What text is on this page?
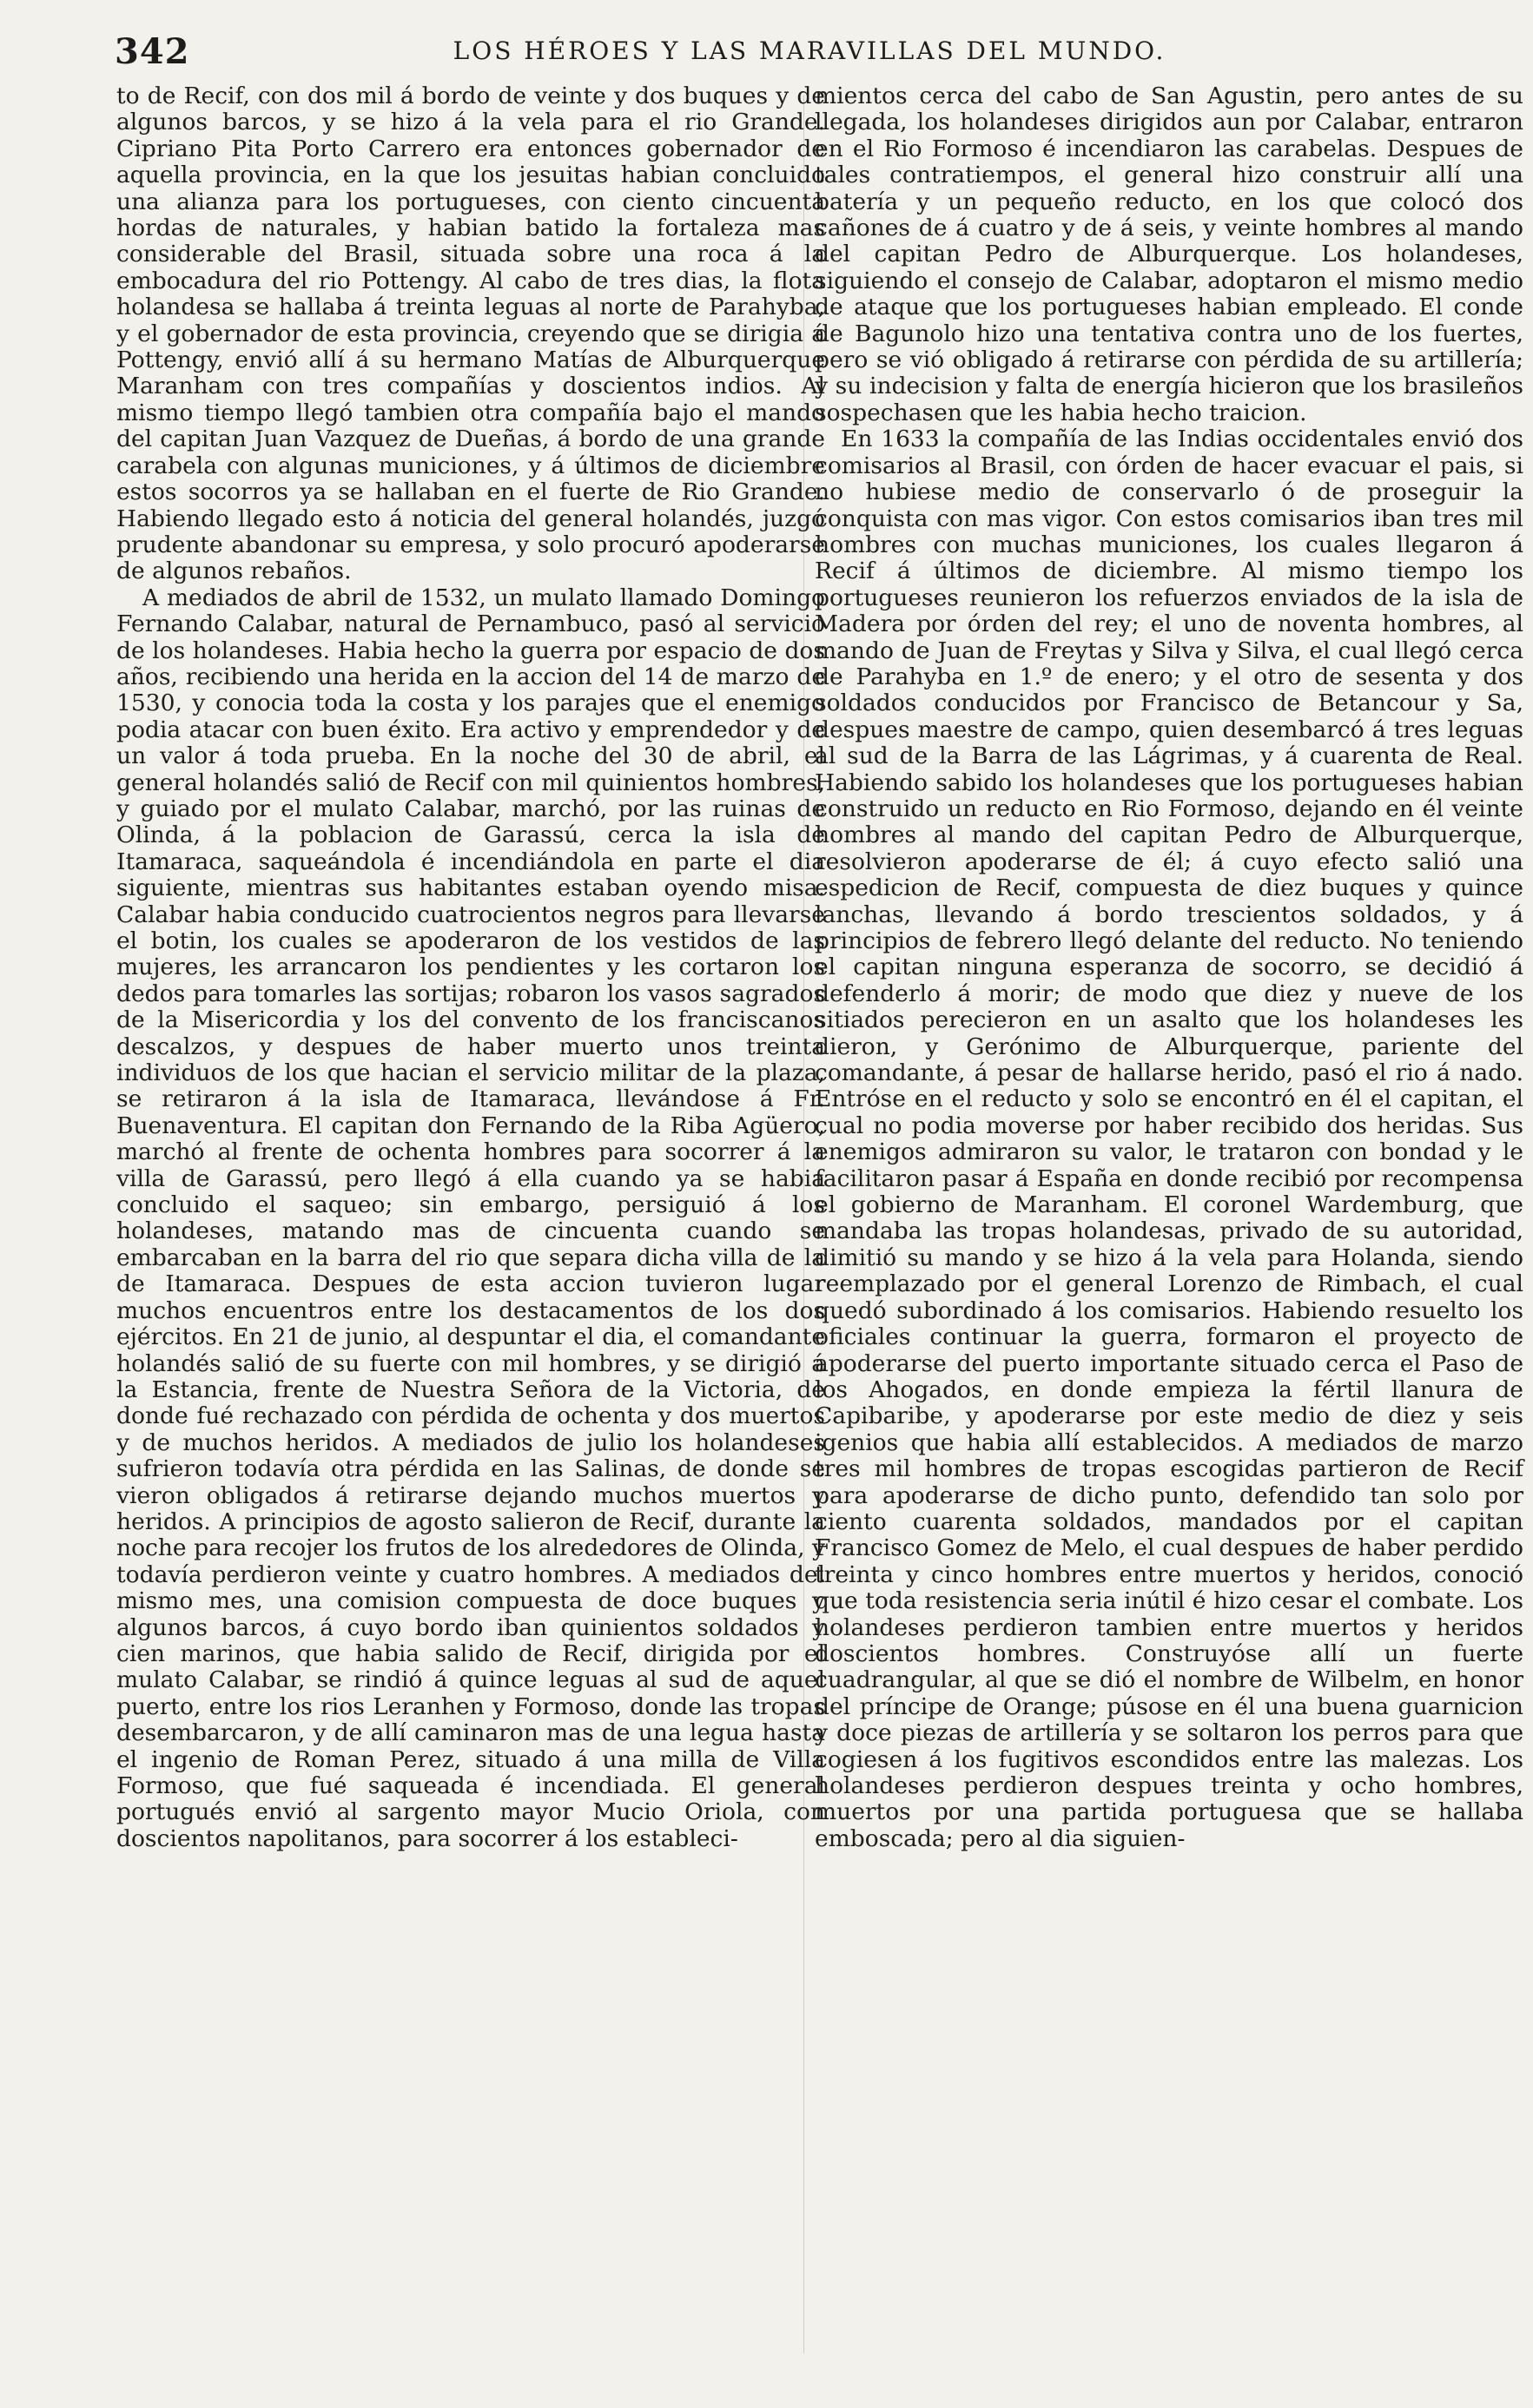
342	LOS HÉROES Y LAS MARAVILLAS DEL MUNDO.

to de Recif, con dos mil á bordo de veinte y dos buques y de algunos barcos, y se hizo á la vela para el rio Grande. Cipriano Pita Porto Carrero era entonces gobernador de aquella provincia, en la que los jesuitas habian concluido una alianza para los portugueses, con ciento cincuenta hordas de naturales, y habian batido la fortaleza mas considerable del Brasil, situada sobre una roca á la embocadura del rio Pottengy. Al cabo de tres dias, la flota holandesa se hallaba á treinta leguas al norte de Parahyba, y el gobernador de esta provincia, creyendo que se dirigia á Pottengy, envió allí á su hermano Matías de Alburquerque Maranham con tres compañías y doscientos indios. Al mismo tiempo llegó tambien otra compañía bajo el mando del capitan Juan Vazquez de Dueñas, á bordo de una grande carabela con algunas municiones, y á últimos de diciembre estos socorros ya se hallaban en el fuerte de Rio Grande. Habiendo llegado esto á noticia del general holandés, juzgó prudente abandonar su empresa, y solo procuró apoderarse de algunos rebaños.

A mediados de abril de 1532, un mulato llamado Domingo Fernando Calabar, natural de Pernambuco, pasó al servicio de los holandeses. Habia hecho la guerra por espacio de dos años, recibiendo una herida en la accion del 14 de marzo de 1530, y conocia toda la costa y los parajes que el enemigo podia atacar con buen éxito. Era activo y emprendedor y de un valor á toda prueba. En la noche del 30 de abril, el general holandés salió de Recif con mil quinientos hombres, y guiado por el mulato Calabar, marchó, por las ruinas de Olinda, á la poblacion de Garassú, cerca la isla de Itamaraca, saqueándola é incendiándola en parte el dia siguiente, mientras sus habitantes estaban oyendo misa. Calabar habia conducido cuatrocientos negros para llevarse el botin, los cuales se apoderaron de los vestidos de las mujeres, les arrancaron los pendientes y les cortaron los dedos para tomarles las sortijas; robaron los vasos sagrados de la Misericordia y los del convento de los franciscanos descalzos, y despues de haber muerto unos treinta individuos de los que hacian el servicio militar de la plaza, se retiraron á la isla de Itamaraca, llevándose á Fr. Buenaventura. El capitan don Fernando de la Riba Agüero, marchó al frente de ochenta hombres para socorrer á la villa de Garassú, pero llegó á ella cuando ya se habia concluido el saqueo; sin embargo, persiguió á los holandeses, matando mas de cincuenta cuando se embarcaban en la barra del rio que separa dicha villa de la de Itamaraca. Despues de esta accion tuvieron lugar muchos encuentros entre los destacamentos de los dos ejércitos. En 21 de junio, al despuntar el dia, el comandante holandés salió de su fuerte con mil hombres, y se dirigió á la Estancia, frente de Nuestra Señora de la Victoria, de donde fué rechazado con pérdida de ochenta y dos muertos y de muchos heridos. A mediados de julio los holandeses sufrieron todavía otra pérdida en las Salinas, de donde se vieron obligados á retirarse dejando muchos muertos y heridos. A principios de agosto salieron de Recif, durante la noche para recojer los frutos de los alrededores de Olinda, y todavía perdieron veinte y cuatro hombres. A mediados del mismo mes, una comision compuesta de doce buques y algunos barcos, á cuyo bordo iban quinientos soldados y cien marinos, que habia salido de Recif, dirigida por el mulato Calabar, se rindió á quince leguas al sud de aquel puerto, entre los rios Leranhen y Formoso, donde las tropas desembarcaron, y de allí caminaron mas de una legua hasta el ingenio de Roman Perez, situado á una milla de Villa Formoso, que fué saqueada é incendiada. El general portugués envió al sargento mayor Mucio Oriola, con doscientos napolitanos, para socorrer á los estableci-

mientos cerca del cabo de San Agustin, pero antes de su llegada, los holandeses dirigidos aun por Calabar, entraron en el Rio Formoso é incendiaron las carabelas. Despues de tales contratiempos, el general hizo construir allí una batería y un pequeño reducto, en los que colocó dos cañones de á cuatro y de á seis, y veinte hombres al mando del capitan Pedro de Alburquerque. Los holandeses, siguiendo el consejo de Calabar, adoptaron el mismo medio de ataque que los portugueses habian empleado. El conde de Bagunolo hizo una tentativa contra uno de los fuertes, pero se vió obligado á retirarse con pérdida de su artillería; y su indecision y falta de energía hicieron que los brasileños sospechasen que les habia hecho traicion.

En 1633 la compañía de las Indias occidentales envió dos comisarios al Brasil, con órden de hacer evacuar el pais, si no hubiese medio de conservarlo ó de proseguir la conquista con mas vigor. Con estos comisarios iban tres mil hombres con muchas municiones, los cuales llegaron á Recif á últimos de diciembre. Al mismo tiempo los portugueses reunieron los refuerzos enviados de la isla de Madera por órden del rey; el uno de noventa hombres, al mando de Juan de Freytas y Silva y Silva, el cual llegó cerca de Parahyba en 1.º de enero; y el otro de sesenta y dos soldados conducidos por Francisco de Betancour y Sa, despues maestre de campo, quien desembarcó á tres leguas al sud de la Barra de las Lágrimas, y á cuarenta de Real. Habiendo sabido los holandeses que los portugueses habian construido un reducto en Rio Formoso, dejando en él veinte hombres al mando del capitan Pedro de Alburquerque, resolvieron apoderarse de él; á cuyo efecto salió una espedicion de Recif, compuesta de diez buques y quince lanchas, llevando á bordo trescientos soldados, y á principios de febrero llegó delante del reducto. No teniendo el capitan ninguna esperanza de socorro, se decidió á defenderlo á morir; de modo que diez y nueve de los sitiados perecieron en un asalto que los holandeses les dieron, y Gerónimo de Alburquerque, pariente del comandante, á pesar de hallarse herido, pasó el rio á nado. Entróse en el reducto y solo se encontró en él el capitan, el cual no podia moverse por haber recibido dos heridas. Sus enemigos admiraron su valor, le trataron con bondad y le facilitaron pasar á España en donde recibió por recompensa el gobierno de Maranham. El coronel Wardemburg, que mandaba las tropas holandesas, privado de su autoridad, dimitió su mando y se hizo á la vela para Holanda, siendo reemplazado por el general Lorenzo de Rimbach, el cual quedó subordinado á los comisarios. Habiendo resuelto los oficiales continuar la guerra, formaron el proyecto de apoderarse del puerto importante situado cerca el Paso de los Ahogados, en donde empieza la fértil llanura de Capibaribe, y apoderarse por este medio de diez y seis igenios que habia allí establecidos. A mediados de marzo tres mil hombres de tropas escogidas partieron de Recif para apoderarse de dicho punto, defendido tan solo por ciento cuarenta soldados, mandados por el capitan Francisco Gomez de Melo, el cual despues de haber perdido treinta y cinco hombres entre muertos y heridos, conoció que toda resistencia seria inútil é hizo cesar el combate. Los holandeses perdieron tambien entre muertos y heridos doscientos hombres. Construyóse allí un fuerte cuadrangular, al que se dió el nombre de Wilbelm, en honor del príncipe de Orange; púsose en él una buena guarnicion y doce piezas de artillería y se soltaron los perros para que cogiesen á los fugitivos escondidos entre las malezas. Los holandeses perdieron despues treinta y ocho hombres, muertos por una partida portuguesa que se hallaba emboscada; pero al dia siguien-
